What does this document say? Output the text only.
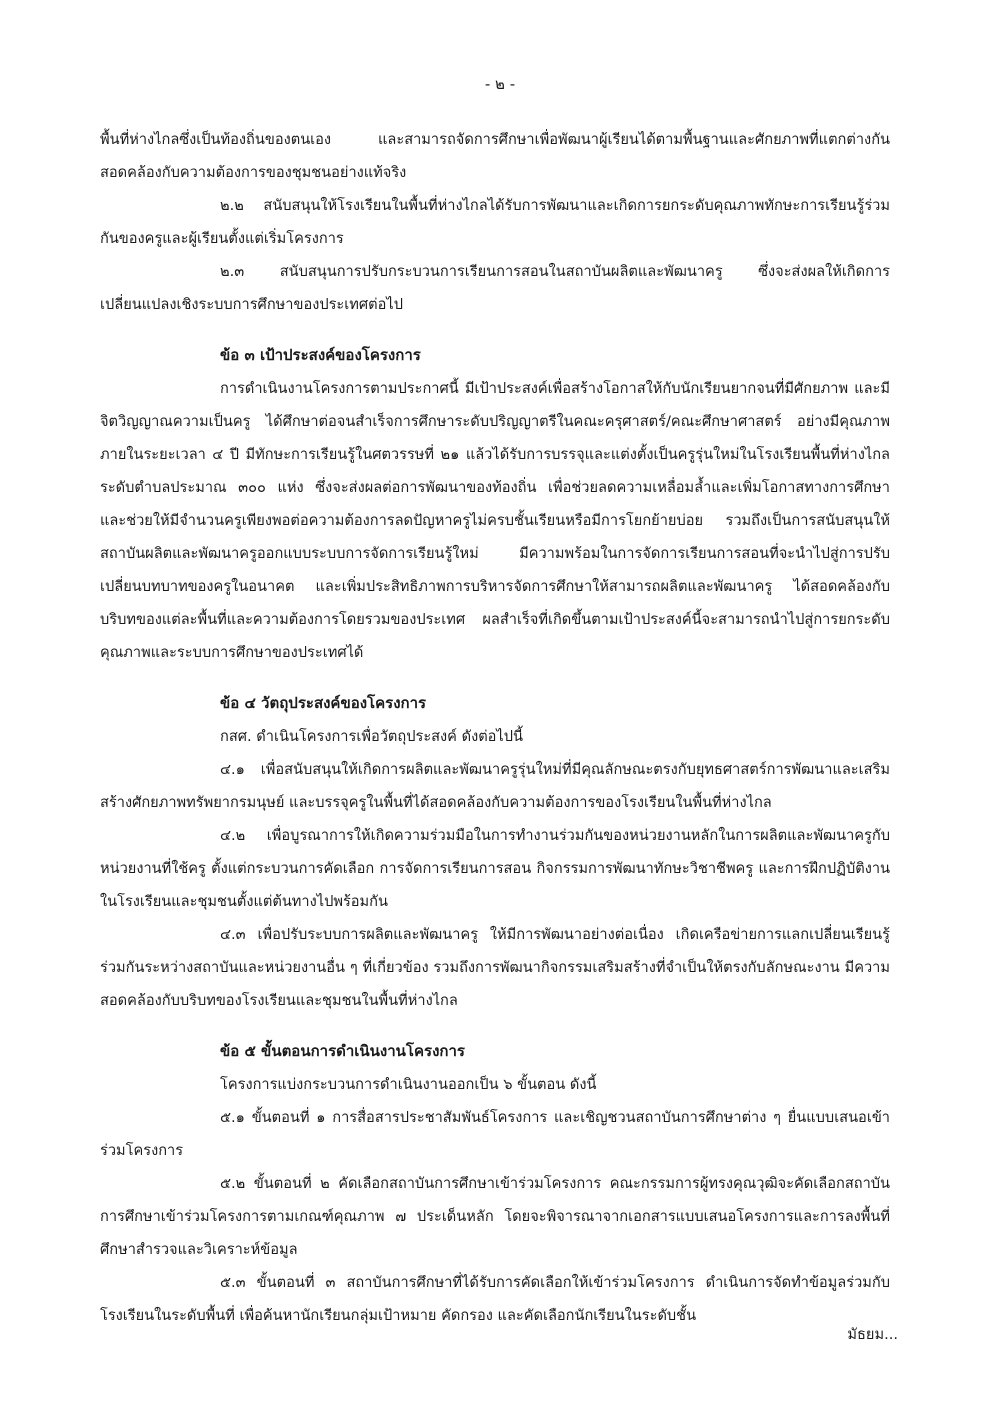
- ๒ -

พื้นที่ห่างไกลซึ่งเป็นท้องถิ่นของตนเอง และสามารถจัดการศึกษาเพื่อพัฒนาผู้เรียนได้ตามพื้นฐานและศักยภาพที่แตกต่างกันสอดคล้องกับความต้องการของชุมชนอย่างแท้จริง

๒.๒ สนับสนุนให้โรงเรียนในพื้นที่ห่างไกลได้รับการพัฒนาและเกิดการยกระดับคุณภาพทักษะการเรียนรู้ร่วมกันของครูและผู้เรียนตั้งแต่เริ่มโครงการ

๒.๓ สนับสนุนการปรับกระบวนการเรียนการสอนในสถาบันผลิตและพัฒนาครู ซึ่งจะส่งผลให้เกิดการเปลี่ยนแปลงเชิงระบบการศึกษาของประเทศต่อไป

ข้อ ๓ เป้าประสงค์ของโครงการ

การดำเนินงานโครงการตามประกาศนี้ มีเป้าประสงค์เพื่อสร้างโอกาสให้กับนักเรียนยากจนที่มีศักยภาพ และมีจิตวิญญาณความเป็นครู ได้ศึกษาต่อจนสำเร็จการศึกษาระดับปริญญาตรีในคณะครุศาสตร์/คณะศึกษาศาสตร์ อย่างมีคุณภาพภายในระยะเวลา ๔ ปี มีทักษะการเรียนรู้ในศตวรรษที่ ๒๑ แล้วได้รับการบรรจุและแต่งตั้งเป็นครูรุ่นใหม่ในโรงเรียนพื้นที่ห่างไกลระดับตำบลประมาณ ๓๐๐ แห่ง ซึ่งจะส่งผลต่อการพัฒนาของท้องถิ่น เพื่อช่วยลดความเหลื่อมล้ำและเพิ่มโอกาสทางการศึกษา และช่วยให้มีจำนวนครูเพียงพอต่อความต้องการลดปัญหาครูไม่ครบชั้นเรียนหรือมีการโยกย้ายบ่อย รวมถึงเป็นการสนับสนุนให้สถาบันผลิตและพัฒนาครูออกแบบระบบการจัดการเรียนรู้ใหม่ มีความพร้อมในการจัดการเรียนการสอนที่จะนำไปสู่การปรับเปลี่ยนบทบาทของครูในอนาคต และเพิ่มประสิทธิภาพการบริหารจัดการศึกษาให้สามารถผลิตและพัฒนาครู ได้สอดคล้องกับบริบทของแต่ละพื้นที่และความต้องการโดยรวมของประเทศ ผลสำเร็จที่เกิดขึ้นตามเป้าประสงค์นี้จะสามารถนำไปสู่การยกระดับคุณภาพและระบบการศึกษาของประเทศได้

ข้อ ๔ วัตถุประสงค์ของโครงการ

กสศ. ดำเนินโครงการเพื่อวัตถุประสงค์ ดังต่อไปนี้

๔.๑ เพื่อสนับสนุนให้เกิดการผลิตและพัฒนาครูรุ่นใหม่ที่มีคุณลักษณะตรงกับยุทธศาสตร์การพัฒนาและเสริมสร้างศักยภาพทรัพยากรมนุษย์ และบรรจุครูในพื้นที่ได้สอดคล้องกับความต้องการของโรงเรียนในพื้นที่ห่างไกล

๔.๒ เพื่อบูรณาการให้เกิดความร่วมมือในการทำงานร่วมกันของหน่วยงานหลักในการผลิตและพัฒนาครูกับหน่วยงานที่ใช้ครู ตั้งแต่กระบวนการคัดเลือก การจัดการเรียนการสอน กิจกรรมการพัฒนาทักษะวิชาชีพครู และการฝึกปฏิบัติงานในโรงเรียนและชุมชนตั้งแต่ต้นทางไปพร้อมกัน

๔.๓ เพื่อปรับระบบการผลิตและพัฒนาครู ให้มีการพัฒนาอย่างต่อเนื่อง เกิดเครือข่ายการแลกเปลี่ยนเรียนรู้ร่วมกันระหว่างสถาบันและหน่วยงานอื่น ๆ ที่เกี่ยวข้อง รวมถึงการพัฒนากิจกรรมเสริมสร้างที่จำเป็นให้ตรงกับลักษณะงาน มีความสอดคล้องกับบริบทของโรงเรียนและชุมชนในพื้นที่ห่างไกล

ข้อ ๕ ขั้นตอนการดำเนินงานโครงการ

โครงการแบ่งกระบวนการดำเนินงานออกเป็น ๖ ขั้นตอน ดังนี้

๕.๑ ขั้นตอนที่ ๑ การสื่อสารประชาสัมพันธ์โครงการ และเชิญชวนสถาบันการศึกษาต่าง ๆ ยื่นแบบเสนอเข้าร่วมโครงการ

๕.๒ ขั้นตอนที่ ๒ คัดเลือกสถาบันการศึกษาเข้าร่วมโครงการ คณะกรรมการผู้ทรงคุณวุฒิจะคัดเลือกสถาบันการศึกษาเข้าร่วมโครงการตามเกณฑ์คุณภาพ ๗ ประเด็นหลัก โดยจะพิจารณาจากเอกสารแบบเสนอโครงการและการลงพื้นที่ศึกษาสำรวจและวิเคราะห์ข้อมูล

๕.๓ ขั้นตอนที่ ๓ สถาบันการศึกษาที่ได้รับการคัดเลือกให้เข้าร่วมโครงการ ดำเนินการจัดทำข้อมูลร่วมกับโรงเรียนในระดับพื้นที่ เพื่อค้นหานักเรียนกลุ่มเป้าหมาย คัดกรอง และคัดเลือกนักเรียนในระดับชั้น

มัธยม...
